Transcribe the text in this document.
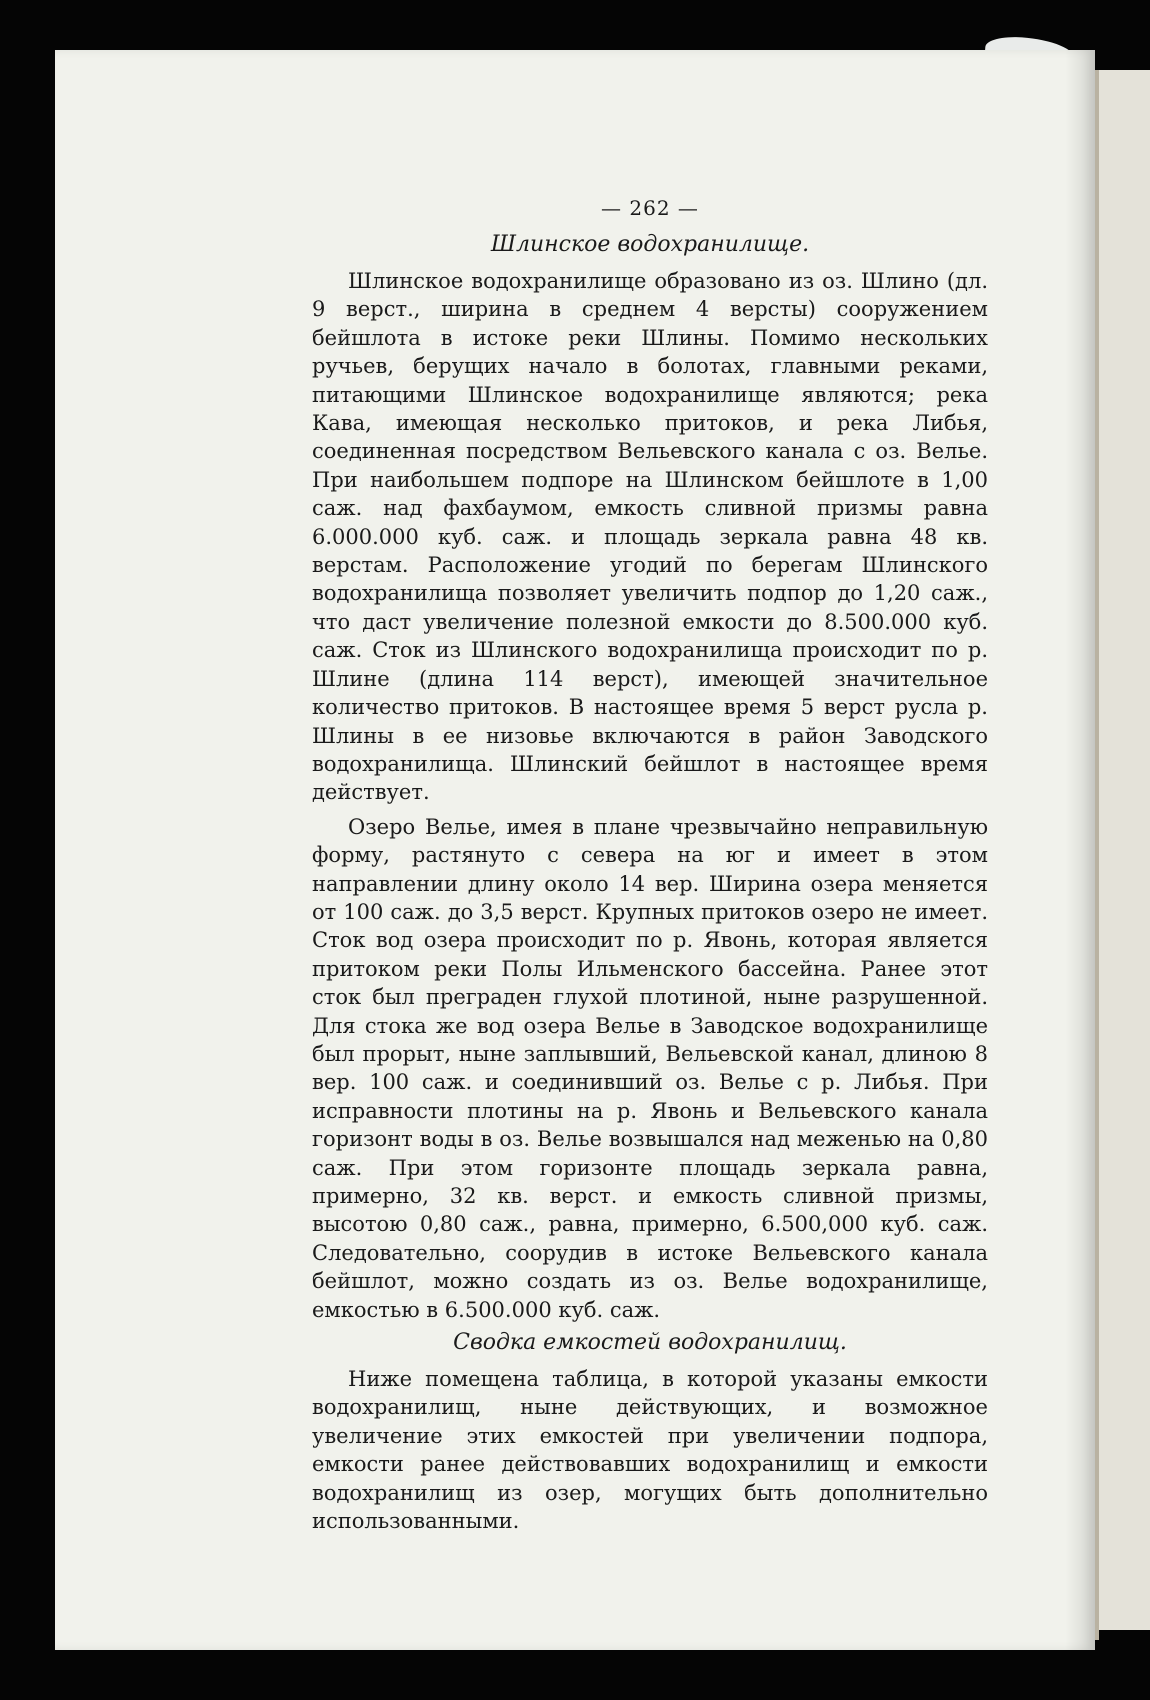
— 262 —
Шлинское водохранилище.

Шлинское водохранилище образовано из оз. Шлино (дл. 9 верст., ширина в среднем 4 версты) сооружением бейшлота в истоке реки Шлины. Помимо нескольких ручьев, берущих начало в болотах, главными реками, питающими Шлинское водохранилище являются; река Кава, имеющая несколько притоков, и река Либья, соединенная посредством Вельевского канала с оз. Велье. При наибольшем подпоре на Шлинском бейшлоте в 1,00 саж. над фахбаумом, емкость сливной призмы равна 6.000.000 куб. саж. и площадь зеркала равна 48 кв. верстам. Расположение угодий по берегам Шлинского водохранилища позволяет увеличить подпор до 1,20 саж., что даст увеличение полезной емкости до 8.500.000 куб. саж. Сток из Шлинского водохранилища происходит по р. Шлине (длина 114 верст), имеющей значительное количество притоков. В настоящее время 5 верст русла р. Шлины в ее низовье включаются в район Заводского водохранилища. Шлинский бейшлот в настоящее время действует.

Озеро Велье, имея в плане чрезвычайно неправильную форму, растянуто с севера на юг и имеет в этом направлении длину около 14 вер. Ширина озера меняется от 100 саж. до 3,5 верст. Крупных притоков озеро не имеет. Сток вод озера происходит по р. Явонь, которая является притоком реки Полы Ильменского бассейна. Ранее этот сток был преграден глухой плотиной, ныне разрушенной. Для стока же вод озера Велье в Заводское водохранилище был прорыт, ныне заплывший, Вельевской канал, длиною 8 вер. 100 саж. и соединивший оз. Велье с р. Либья. При исправности плотины на р. Явонь и Вельевского канала горизонт воды в оз. Велье возвышался над меженью на 0,80 саж. При этом горизонте площадь зеркала равна, примерно, 32 кв. верст. и емкость сливной призмы, высотою 0,80 саж., равна, примерно, 6.500,000 куб. саж. Следовательно, соорудив в истоке Вельевского канала бейшлот, можно создать из оз. Велье водохранилище, емкостью в 6.500.000 куб. саж.

Сводка емкостей водохранилищ.

Ниже помещена таблица, в которой указаны емкости водохранилищ, ныне действующих, и возможное увеличение этих емкостей при увеличении подпора, емкости ранее действовавших водохранилищ и емкости водохранилищ из озер, могущих быть дополнительно использованными.
